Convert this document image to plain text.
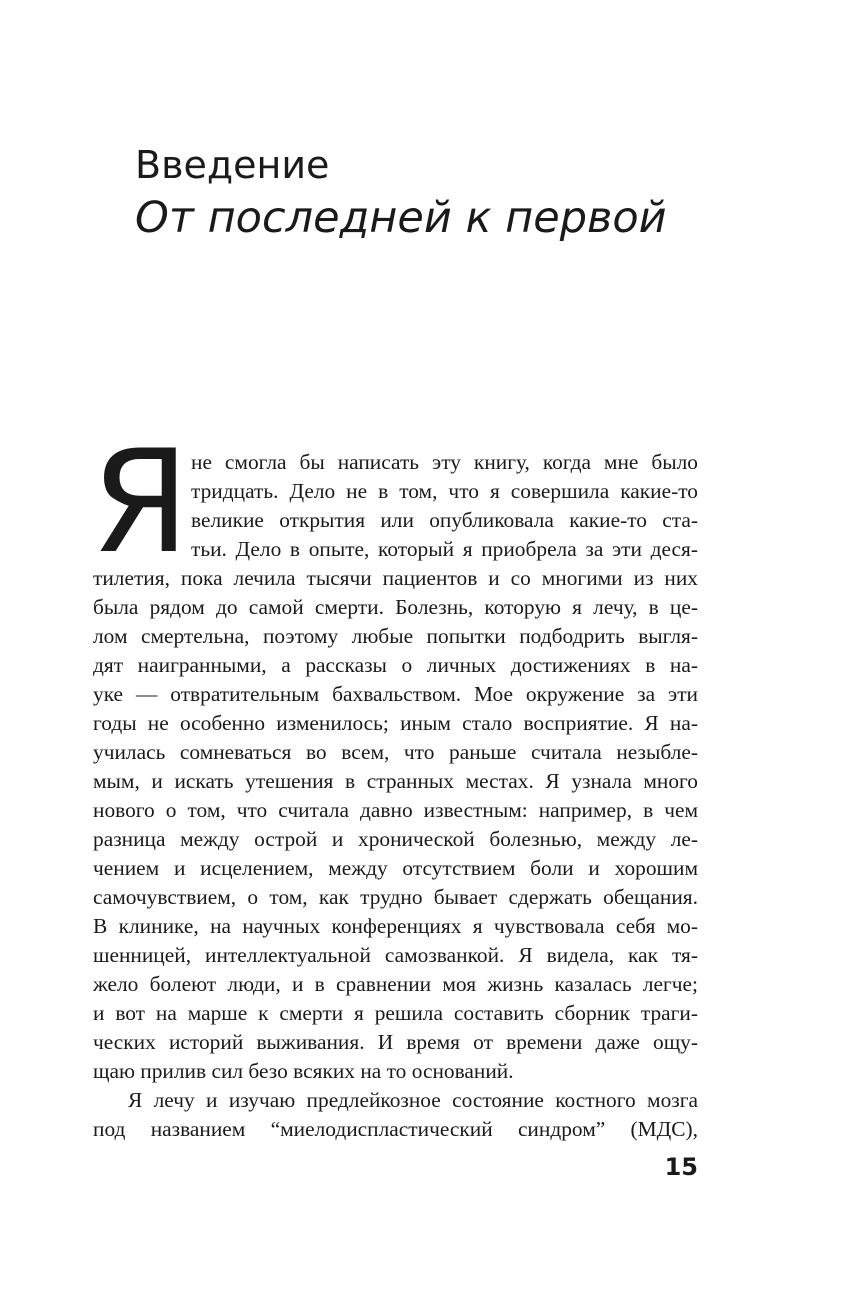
Введение
От последней к первой
Я не смогла бы написать эту книгу, когда мне было
тридцать. Дело не в том, что я совершила какие-то
великие открытия или опубликовала какие-то ста-
тьи. Дело в опыте, который я приобрела за эти деся-
тилетия, пока лечила тысячи пациентов и со многими из них
была рядом до самой смерти. Болезнь, которую я лечу, в це-
лом смертельна, поэтому любые попытки подбодрить выгля-
дят наигранными, а рассказы о личных достижениях в на-
уке — отвратительным бахвальством. Мое окружение за эти
годы не особенно изменилось; иным стало восприятие. Я на-
училась сомневаться во всем, что раньше считала незыбле-
мым, и искать утешения в странных местах. Я узнала много
нового о том, что считала давно известным: например, в чем
разница между острой и хронической болезнью, между ле-
чением и исцелением, между отсутствием боли и хорошим
самочувствием, о том, как трудно бывает сдержать обещания.
В клинике, на научных конференциях я чувствовала себя мо-
шенницей, интеллектуальной самозванкой. Я видела, как тя-
жело болеют люди, и в сравнении моя жизнь казалась легче;
и вот на марше к смерти я решила составить сборник траги-
ческих историй выживания. И время от времени даже ощу-
щаю прилив сил безо всяких на то оснований.
Я лечу и изучаю предлейкозное состояние костного мозга
под названием “миелодиспластический синдром” (МДС),
15
